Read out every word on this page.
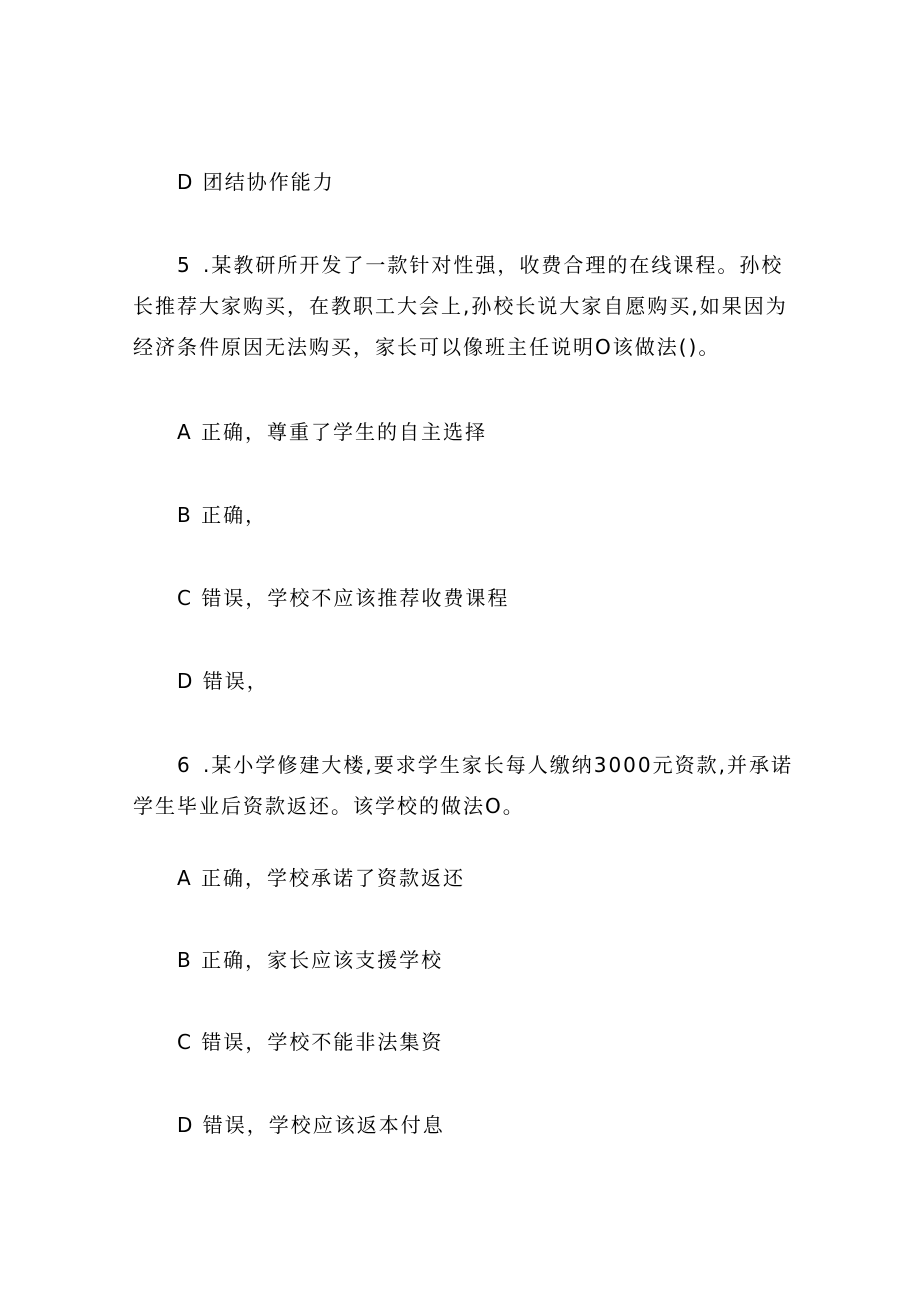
D 团结协作能力
5 .某教研所开发了一款针对性强，收费合理的在线课程。孙校
长推荐大家购买，在教职工大会上,孙校长说大家自愿购买,如果因为
经济条件原因无法购买，家长可以像班主任说明O该做法()。
A 正确，尊重了学生的自主选择
B 正确，
C 错误，学校不应该推荐收费课程
D 错误，
6 .某小学修建大楼,要求学生家长每人缴纳3000元资款,并承诺
学生毕业后资款返还。该学校的做法O。
A 正确，学校承诺了资款返还
B 正确，家长应该支援学校
C 错误，学校不能非法集资
D 错误，学校应该返本付息
